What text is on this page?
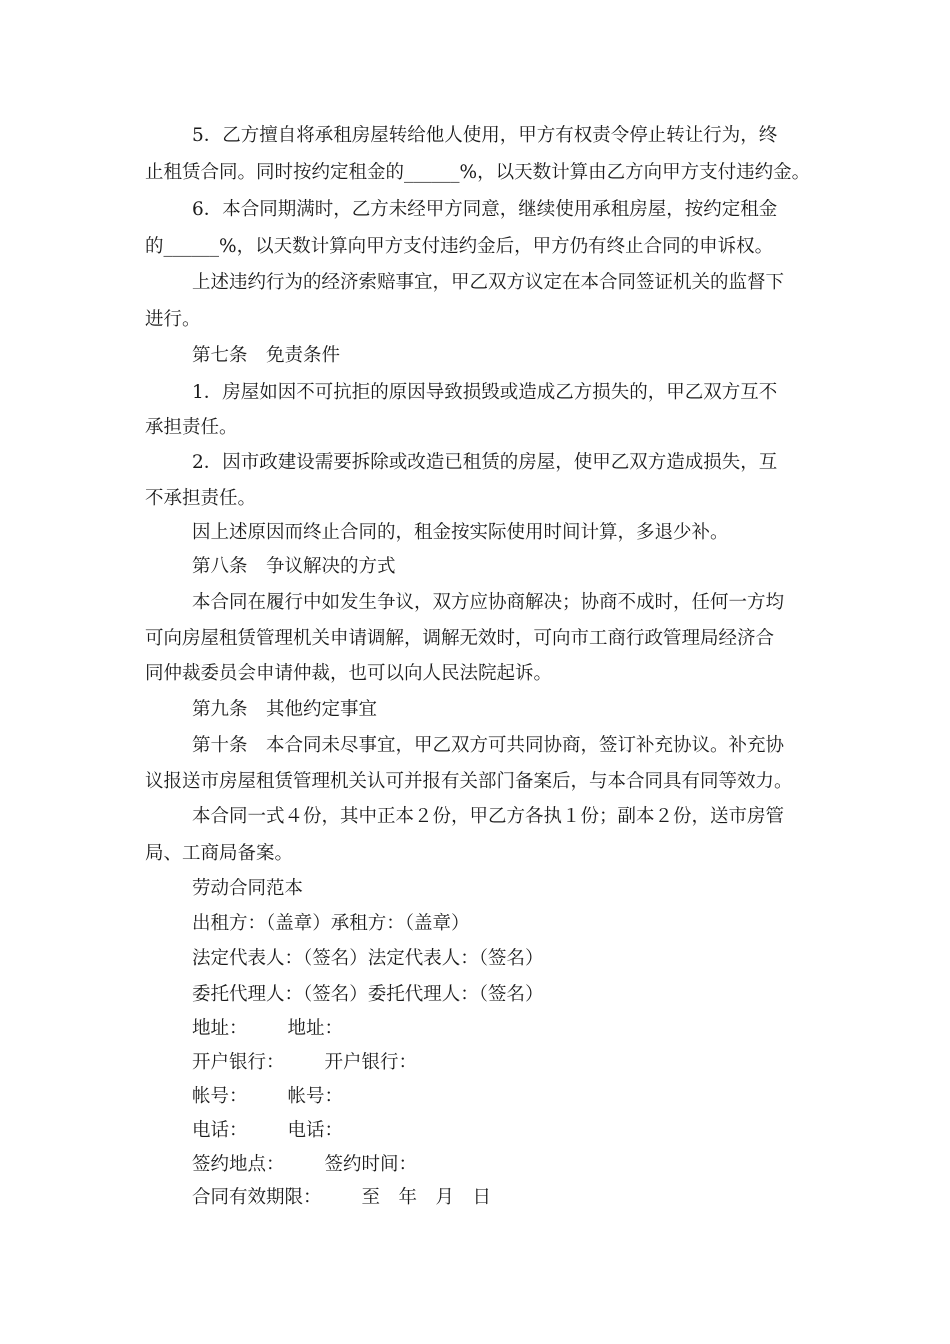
5．乙方擅自将承租房屋转给他人使用，甲方有权责令停止转让行为，终
止租赁合同。同时按约定租金的______%，以天数计算由乙方向甲方支付违约金。
6．本合同期满时，乙方未经甲方同意，继续使用承租房屋，按约定租金
的______%，以天数计算向甲方支付违约金后，甲方仍有终止合同的申诉权。
上述违约行为的经济索赔事宜，甲乙双方议定在本合同签证机关的监督下
进行。
第七条　免责条件
1．房屋如因不可抗拒的原因导致损毁或造成乙方损失的，甲乙双方互不
承担责任。
2．因市政建设需要拆除或改造已租赁的房屋，使甲乙双方造成损失，互
不承担责任。
因上述原因而终止合同的，租金按实际使用时间计算，多退少补。
第八条　争议解决的方式
本合同在履行中如发生争议，双方应协商解决；协商不成时，任何一方均
可向房屋租赁管理机关申请调解，调解无效时，可向市工商行政管理局经济合
同仲裁委员会申请仲裁，也可以向人民法院起诉。
第九条　其他约定事宜
第十条　本合同未尽事宜，甲乙双方可共同协商，签订补充协议。补充协
议报送市房屋租赁管理机关认可并报有关部门备案后，与本合同具有同等效力。
本合同一式４份，其中正本２份，甲乙方各执１份；副本２份，送市房管
局、工商局备案。
劳动合同范本
出租方：（盖章）承租方：（盖章）
法定代表人：（签名）法定代表人：（签名）
委托代理人：（签名）委托代理人：（签名）
地址： 地址：
开户银行： 开户银行：
帐号： 帐号：
电话： 电话：
签约地点： 签约时间：
合同有效期限： 至　年　月　日
